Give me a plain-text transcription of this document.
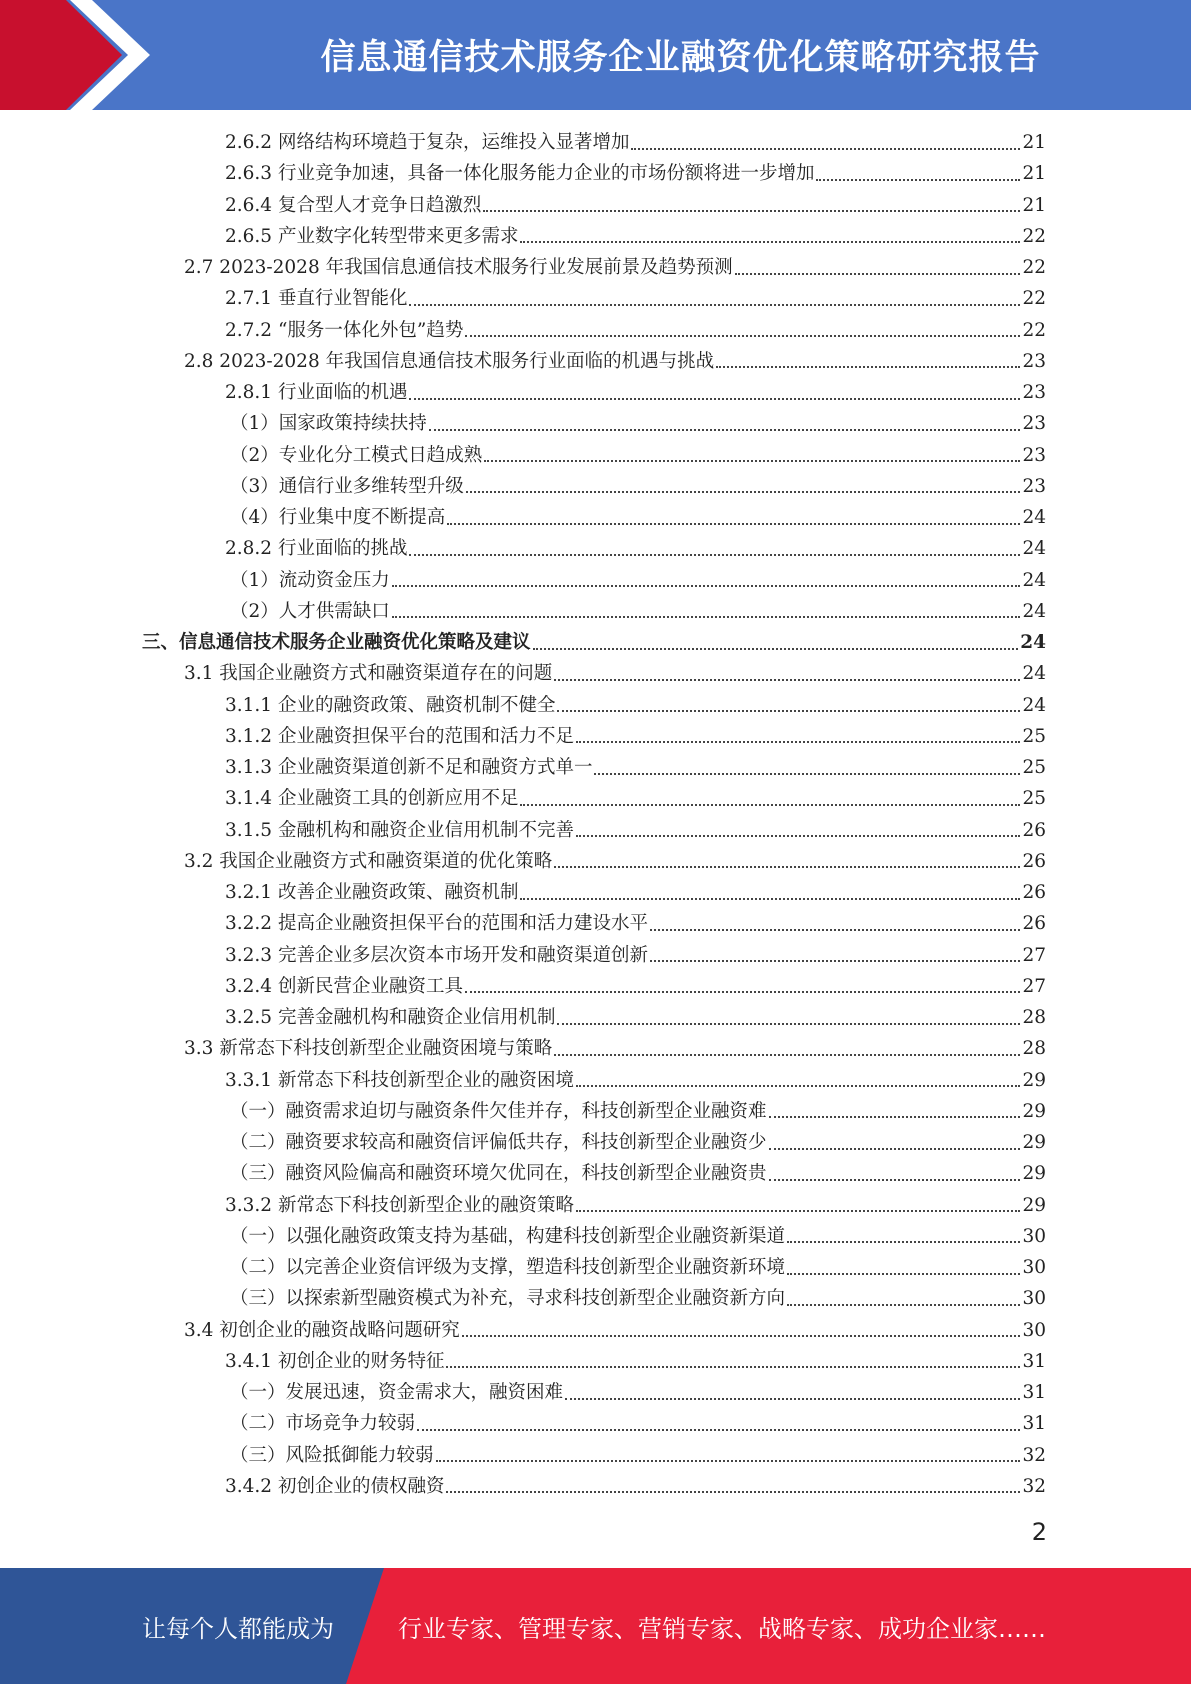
信息通信技术服务企业融资优化策略研究报告
2.6.2 网络结构环境趋于复杂，运维投入显著增加	21
2.6.3 行业竞争加速，具备一体化服务能力企业的市场份额将进一步增加	21
2.6.4 复合型人才竞争日趋激烈	21
2.6.5 产业数字化转型带来更多需求	22
2.7 2023-2028 年我国信息通信技术服务行业发展前景及趋势预测	22
2.7.1 垂直行业智能化	22
2.7.2 “服务一体化外包”趋势	22
2.8 2023-2028 年我国信息通信技术服务行业面临的机遇与挑战	23
2.8.1 行业面临的机遇	23
（1）国家政策持续扶持	23
（2）专业化分工模式日趋成熟	23
（3）通信行业多维转型升级	23
（4）行业集中度不断提高	24
2.8.2 行业面临的挑战	24
（1）流动资金压力	24
（2）人才供需缺口	24
三、信息通信技术服务企业融资优化策略及建议	24
3.1 我国企业融资方式和融资渠道存在的问题	24
3.1.1 企业的融资政策、融资机制不健全	24
3.1.2 企业融资担保平台的范围和活力不足	25
3.1.3 企业融资渠道创新不足和融资方式单一	25
3.1.4 企业融资工具的创新应用不足	25
3.1.5 金融机构和融资企业信用机制不完善	26
3.2 我国企业融资方式和融资渠道的优化策略	26
3.2.1 改善企业融资政策、融资机制	26
3.2.2 提高企业融资担保平台的范围和活力建设水平	26
3.2.3 完善企业多层次资本市场开发和融资渠道创新	27
3.2.4 创新民营企业融资工具	27
3.2.5 完善金融机构和融资企业信用机制	28
3.3 新常态下科技创新型企业融资困境与策略	28
3.3.1 新常态下科技创新型企业的融资困境	29
（一）融资需求迫切与融资条件欠佳并存，科技创新型企业融资难	29
（二）融资要求较高和融资信评偏低共存，科技创新型企业融资少	29
（三）融资风险偏高和融资环境欠优同在，科技创新型企业融资贵	29
3.3.2 新常态下科技创新型企业的融资策略	29
（一）以强化融资政策支持为基础，构建科技创新型企业融资新渠道	30
（二）以完善企业资信评级为支撑，塑造科技创新型企业融资新环境	30
（三）以探索新型融资模式为补充，寻求科技创新型企业融资新方向	30
3.4 初创企业的融资战略问题研究	30
3.4.1 初创企业的财务特征	31
（一）发展迅速，资金需求大，融资困难	31
（二）市场竞争力较弱	31
（三）风险抵御能力较弱	32
3.4.2 初创企业的债权融资	32
2
让每个人都能成为	行业专家、管理专家、营销专家、战略专家、成功企业家……
